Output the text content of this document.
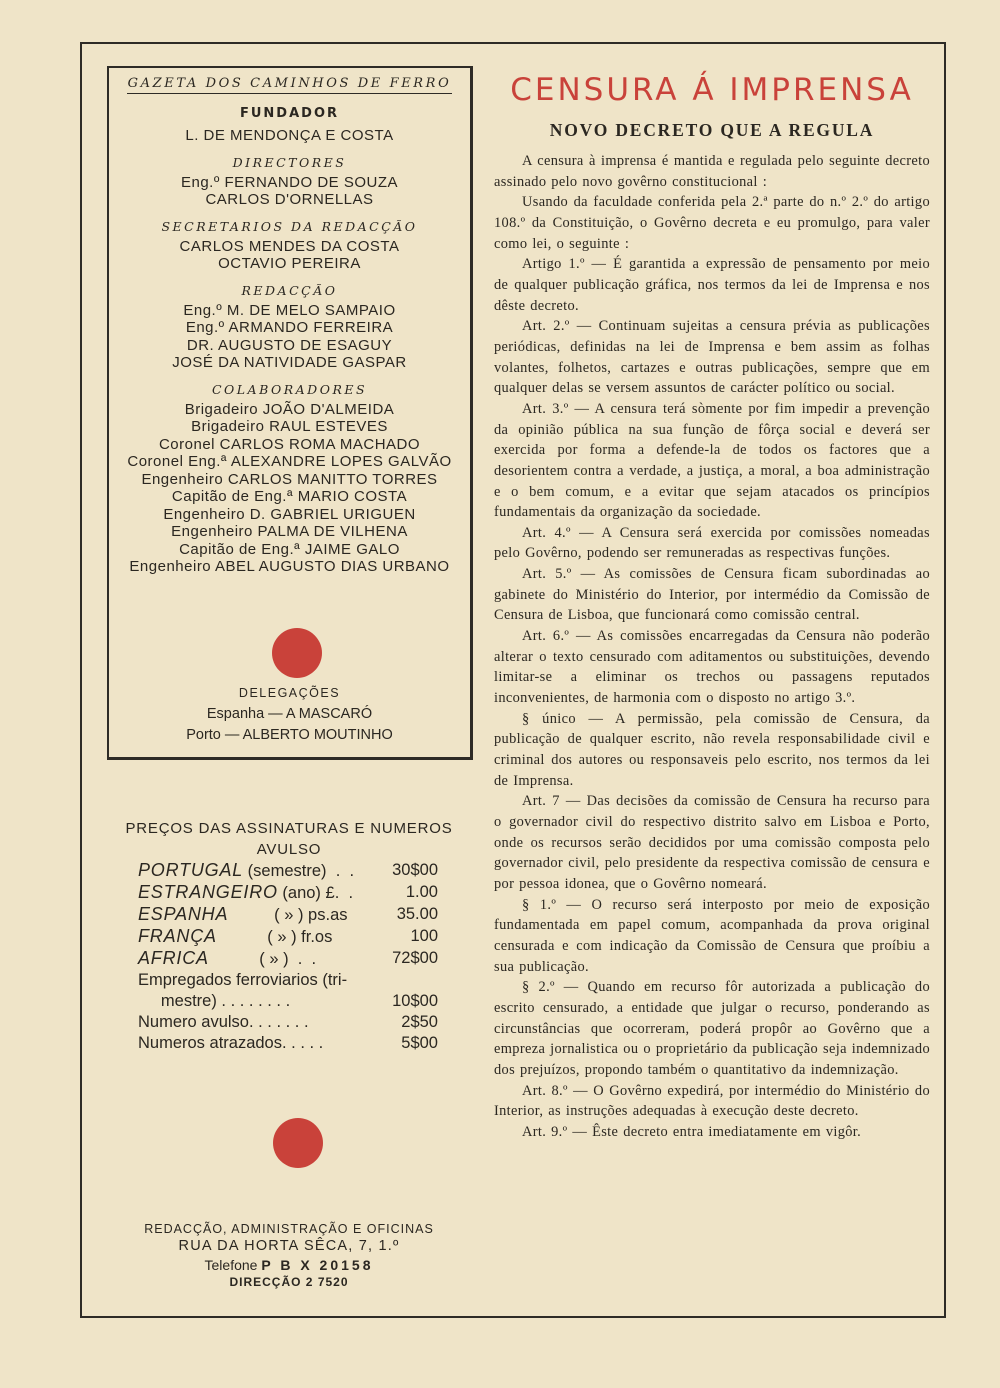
GAZETA DOS CAMINHOS DE FERRO
FUNDADOR
L. DE MENDONÇA E COSTA
DIRECTORES
Eng.º FERNANDO DE SOUZA
CARLOS D'ORNELLAS
SECRETARIOS DA REDACÇÃO
CARLOS MENDES DA COSTA
OCTAVIO PEREIRA
REDACÇÃO
Eng.º M. DE MELO SAMPAIO
Eng.º ARMANDO FERREIRA
DR. AUGUSTO DE ESAGUY
JOSÉ DA NATIVIDADE GASPAR
COLABORADORES
Brigadeiro JOÃO D'ALMEIDA
Brigadeiro RAUL ESTEVES
Coronel CARLOS ROMA MACHADO
Coronel Eng.ª ALEXANDRE LOPES GALVÃO
Engenheiro CARLOS MANITTO TORRES
Capitão de Eng.ª MARIO COSTA
Engenheiro D. GABRIEL URIGUEN
Engenheiro PALMA DE VILHENA
Capitão de Eng.ª JAIME GALO
Engenheiro ABEL AUGUSTO DIAS URBANO
DELEGAÇÕES
Espanha — A MASCARÓ
Porto — ALBERTO MOUTINHO
PREÇOS DAS ASSINATURAS E NUMEROS
AVULSO
PORTUGAL (semestre)  .  .	30$00
ESTRANGEIRO (ano) £.  .	1.00
ESPANHA          ( » ) ps.as	35.00
FRANÇA           ( » ) fr.os	100
AFRICA           ( » )  .  .	72$00
Empregados ferroviarios (tri-
mestre) . . . . . . . .	10$00
Numero avulso. . . . . . .	2$50
Numeros atrazados. . . . .	5$00
REDACÇÃO, ADMINISTRAÇÃO E OFICINAS
RUA DA HORTA SÊCA, 7, 1.º
Telefone P B X 20158
DIRECÇÃO 2 7520
CENSURA Á IMPRENSA
NOVO DECRETO QUE A REGULA

A censura à imprensa é mantida e regulada pelo seguinte decreto assinado pelo novo govêrno constitucional :

Usando da faculdade conferida pela 2.ª parte do n.º 2.º do artigo 108.º da Constituição, o Govêrno decreta e eu promulgo, para valer como lei, o seguinte :

Artigo 1.º — É garantida a expressão de pensamento por meio de qualquer publicação gráfica, nos termos da lei de Imprensa e nos dêste decreto.

Art. 2.º — Continuam sujeitas a censura prévia as publicações periódicas, definidas na lei de Imprensa e bem assim as folhas volantes, folhetos, cartazes e outras publicações, sempre que em qualquer delas se versem assuntos de carácter político ou social.

Art. 3.º — A censura terá sòmente por fim impedir a prevenção da opinião pública na sua função de fôrça social e deverá ser exercida por forma a defende-la de todos os factores que a desorientem contra a verdade, a justiça, a moral, a boa administração e o bem comum, e a evitar que sejam atacados os princípios fundamentais da organização da sociedade.

Art. 4.º — A Censura será exercida por comissões nomeadas pelo Govêrno, podendo ser remuneradas as respectivas funções.

Art. 5.º — As comissões de Censura ficam subordinadas ao gabinete do Ministério do Interior, por intermédio da Comissão de Censura de Lisboa, que funcionará como comissão central.

Art. 6.º — As comissões encarregadas da Censura não poderão alterar o texto censurado com aditamentos ou substituições, devendo limitar-se a eliminar os trechos ou passagens reputados inconvenientes, de harmonia com o disposto no artigo 3.º.

§ único — A permissão, pela comissão de Censura, da publicação de qualquer escrito, não revela responsabilidade civil e criminal dos autores ou responsaveis pelo escrito, nos termos da lei de Imprensa.

Art. 7 — Das decisões da comissão de Censura ha recurso para o governador civil do respectivo distrito salvo em Lisboa e Porto, onde os recursos serão decididos por uma comissão composta pelo governador civil, pelo presidente da respectiva comissão de censura e por pessoa idonea, que o Govêrno nomeará.

§ 1.º — O recurso será interposto por meio de exposição fundamentada em papel comum, acompanhada da prova original censurada e com indicação da Comissão de Censura que proíbiu a sua publicação.

§ 2.º — Quando em recurso fôr autorizada a publicação do escrito censurado, a entidade que julgar o recurso, ponderando as circunstâncias que ocorreram, poderá propôr ao Govêrno que a empreza jornalistica ou o proprietário da publicação seja indemnizado dos prejuízos, propondo também o quantitativo da indemnização.

Art. 8.º — O Govêrno expedirá, por intermédio do Ministério do Interior, as instruções adequadas à execução deste decreto.

Art. 9.º — Êste decreto entra imediatamente em vigôr.
